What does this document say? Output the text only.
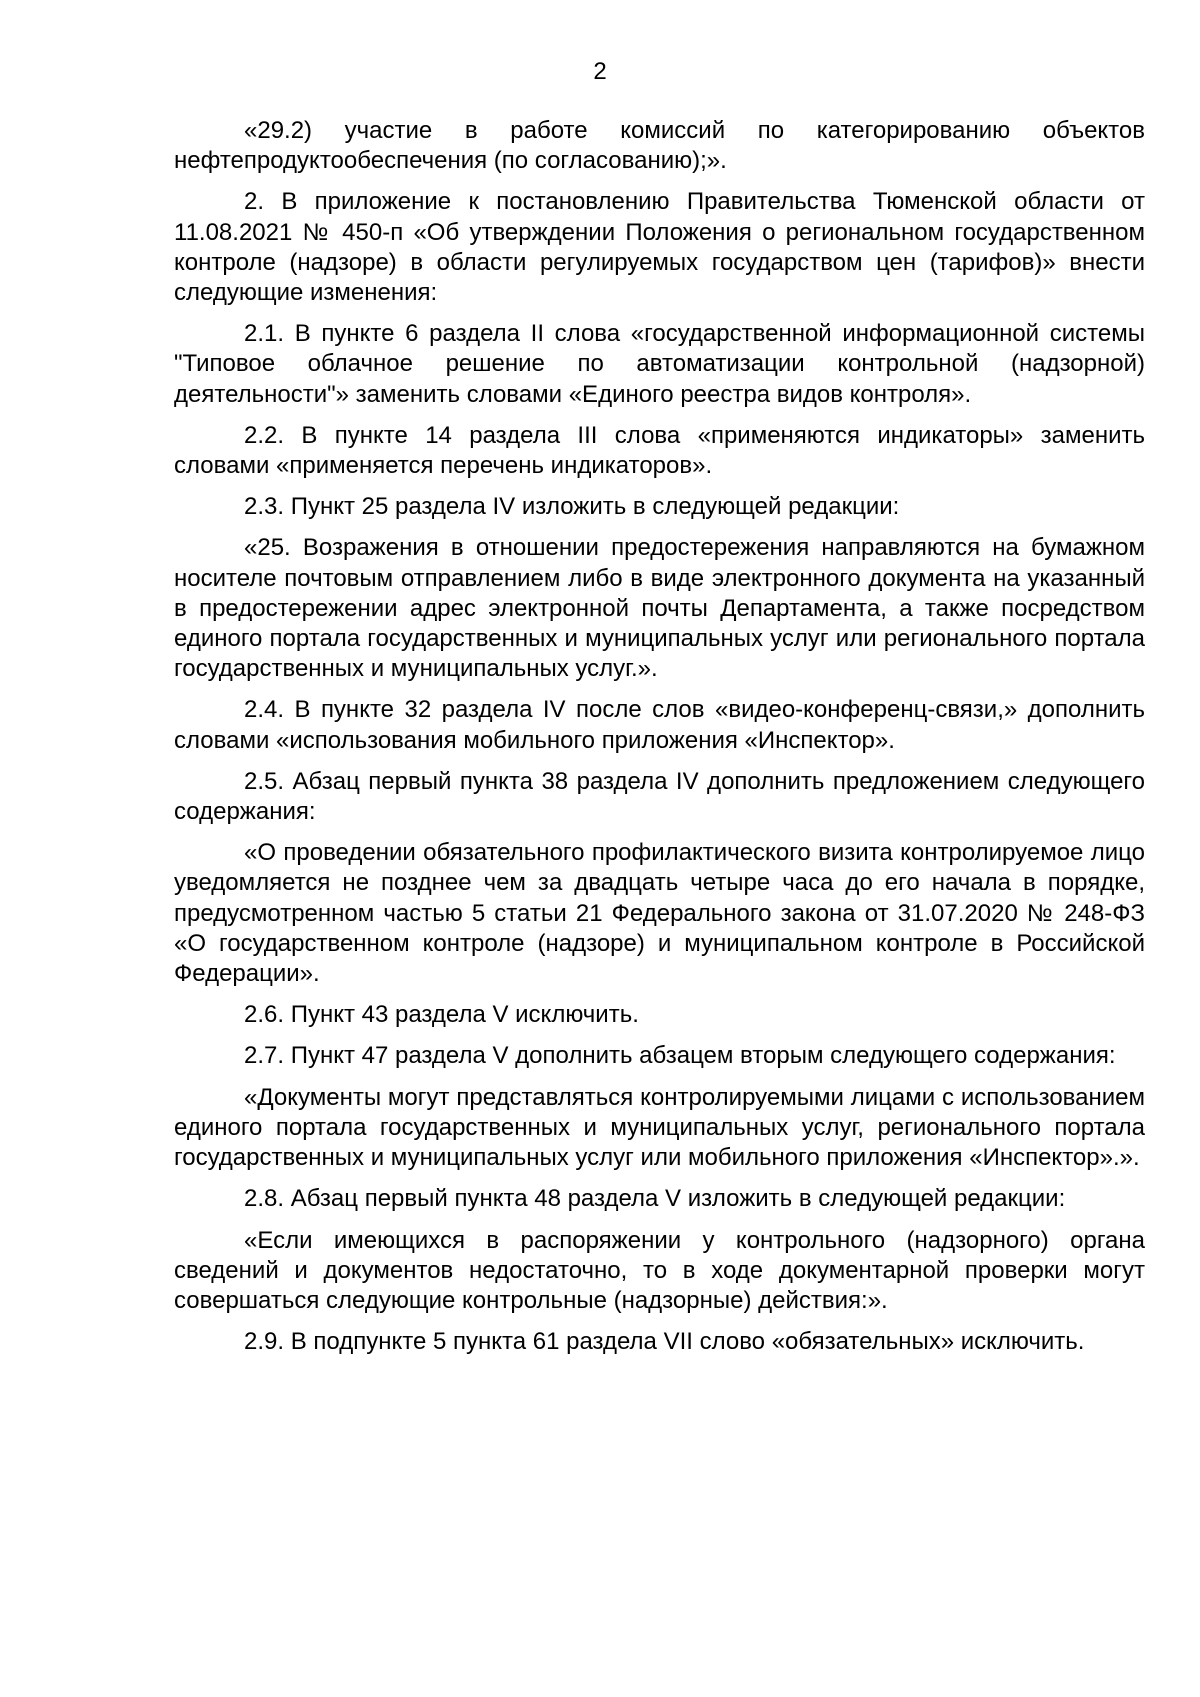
2

«29.2) участие в работе комиссий по категорированию объектов нефтепродуктообеспечения (по согласованию);».

2. В приложение к постановлению Правительства Тюменской области от 11.08.2021 № 450-п «Об утверждении Положения о региональном государственном контроле (надзоре) в области регулируемых государством цен (тарифов)» внести следующие изменения:

2.1. В пункте 6 раздела II слова «государственной информационной системы "Типовое облачное решение по автоматизации контрольной (надзорной) деятельности"» заменить словами «Единого реестра видов контроля».

2.2. В пункте 14 раздела III слова «применяются индикаторы» заменить словами «применяется перечень индикаторов».

2.3. Пункт 25 раздела IV изложить в следующей редакции:

«25. Возражения в отношении предостережения направляются на бумажном носителе почтовым отправлением либо в виде электронного документа на указанный в предостережении адрес электронной почты Департамента, а также посредством единого портала государственных и муниципальных услуг или регионального портала государственных и муниципальных услуг.».

2.4. В пункте 32 раздела IV после слов «видео-конференц-связи,» дополнить словами «использования мобильного приложения «Инспектор».

2.5. Абзац первый пункта 38 раздела IV дополнить предложением следующего содержания:

«О проведении обязательного профилактического визита контролируемое лицо уведомляется не позднее чем за двадцать четыре часа до его начала в порядке, предусмотренном частью 5 статьи 21 Федерального закона от 31.07.2020 № 248-ФЗ «О государственном контроле (надзоре) и муниципальном контроле в Российской Федерации».

2.6. Пункт 43 раздела V исключить.

2.7. Пункт 47 раздела V дополнить абзацем вторым следующего содержания:

«Документы могут представляться контролируемыми лицами с использованием единого портала государственных и муниципальных услуг, регионального портала государственных и муниципальных услуг или мобильного приложения «Инспектор».».

2.8. Абзац первый пункта 48 раздела V изложить в следующей редакции:

«Если имеющихся в распоряжении у контрольного (надзорного) органа сведений и документов недостаточно, то в ходе документарной проверки могут совершаться следующие контрольные (надзорные) действия:».

2.9. В подпункте 5 пункта 61 раздела VII слово «обязательных» исключить.
